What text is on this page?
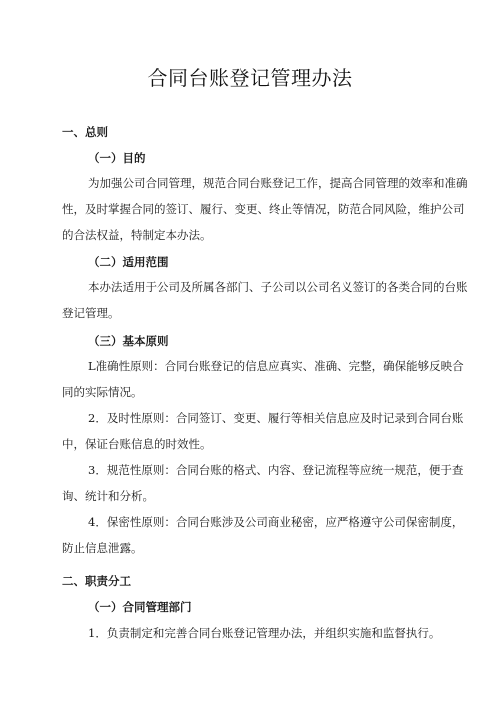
合同台账登记管理办法
一、总则
（一）目的
为加强公司合同管理，规范合同台账登记工作，提高合同管理的效率和准确
性，及时掌握合同的签订、履行、变更、终止等情况，防范合同风险，维护公司
的合法权益，特制定本办法。
（二）适用范围
本办法适用于公司及所属各部门、子公司以公司名义签订的各类合同的台账
登记管理。
（三）基本原则
L准确性原则：合同台账登记的信息应真实、准确、完整，确保能够反映合
同的实际情况。
2．及时性原则：合同签订、变更、履行等相关信息应及时记录到合同台账
中，保证台账信息的时效性。
3．规范性原则：合同台账的格式、内容、登记流程等应统一规范，便于查
询、统计和分析。
4．保密性原则：合同台账涉及公司商业秘密，应严格遵守公司保密制度，
防止信息泄露。
二、职责分工
（一）合同管理部门
1．负责制定和完善合同台账登记管理办法，并组织实施和监督执行。
